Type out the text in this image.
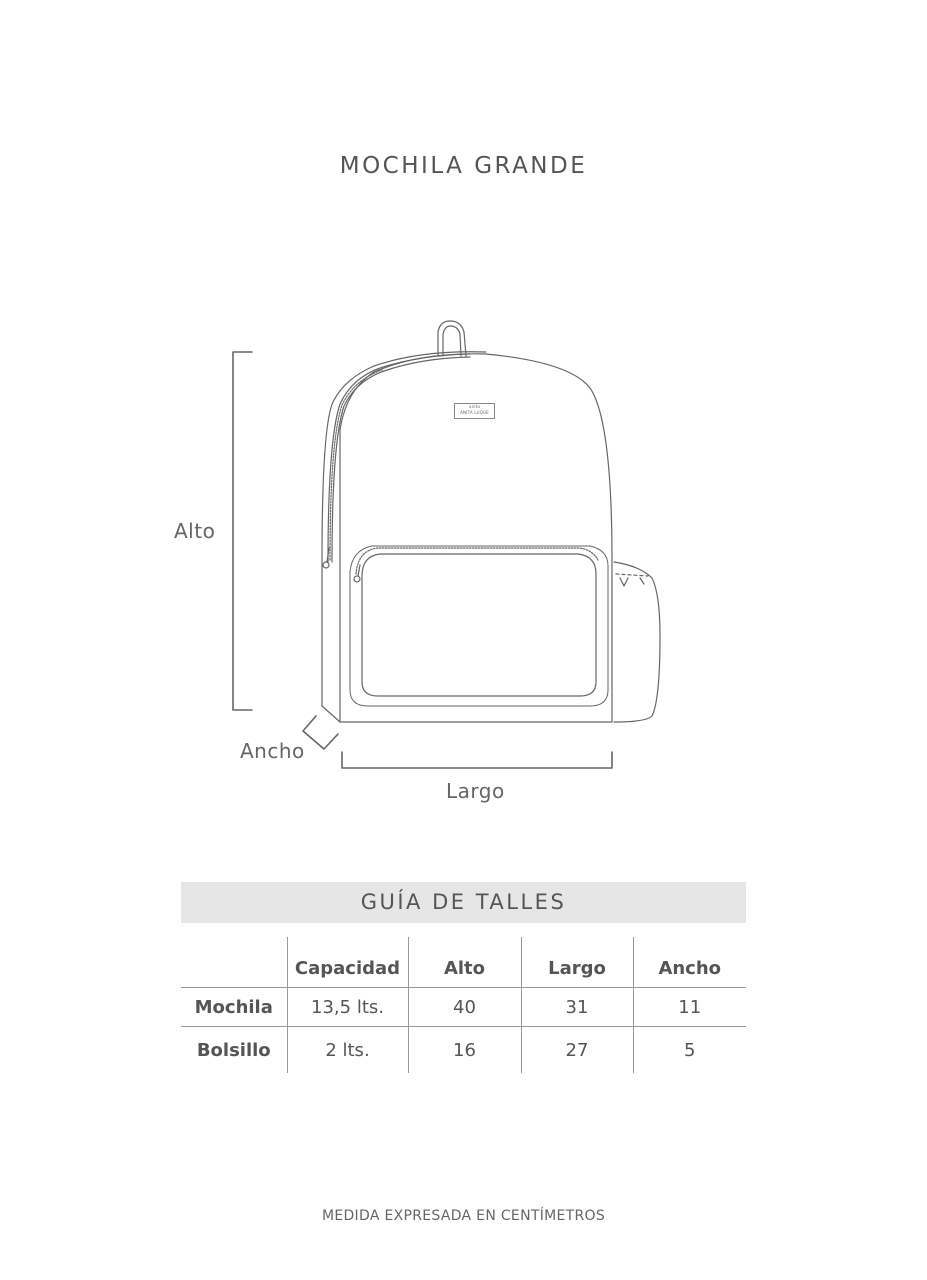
MOCHILA GRANDE
anita
ANITA LUQUE
Alto
Ancho
Largo
GUÍA DE TALLES
	Capacidad	Alto	Largo	Ancho
Mochila	13,5 lts.	40	31	11
Bolsillo	2 lts.	16	27	5
MEDIDA EXPRESADA EN CENTÍMETROS
